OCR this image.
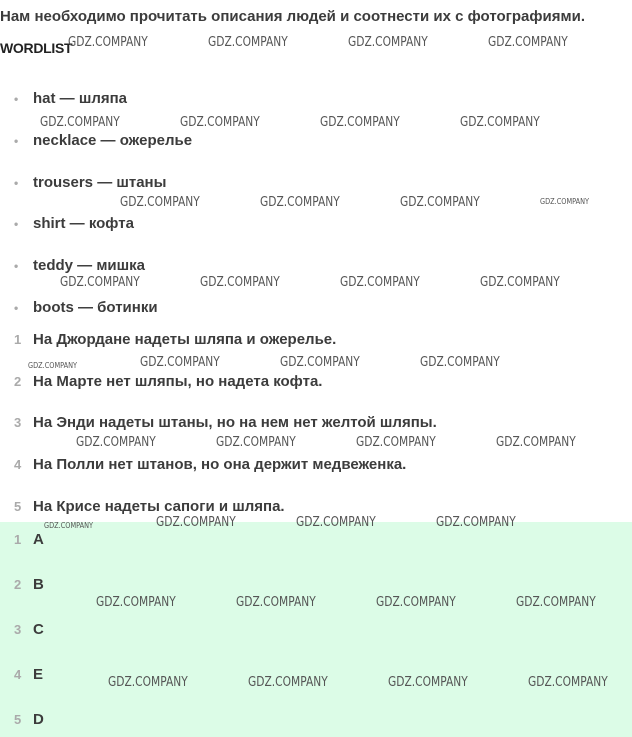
Нам необходимо прочитать описания людей и соотнести их с фотографиями.
WORDLIST
• hat — шляпа
• necklace — ожерелье
• trousers — штаны
• shirt — кофта
• teddy — мишка
• boots — ботинки
1 На Джордане надеты шляпа и ожерелье.
2 На Марте нет шляпы, но надета кофта.
3 На Энди надеты штаны, но на нем нет желтой шляпы.
4 На Полли нет штанов, но она держит медвеженка.
5 На Крисе надеты сапоги и шляпа.
1 A
2 B
3 C
4 E
5 D
GDZ.COMPANY	GDZ.COMPANY	GDZ.COMPANY	GDZ.COMPANY
GDZ.COMPANY	GDZ.COMPANY	GDZ.COMPANY	GDZ.COMPANY
GDZ.COMPANY	GDZ.COMPANY	GDZ.COMPANY	GDZ.COMPANY
GDZ.COMPANY	GDZ.COMPANY	GDZ.COMPANY	GDZ.COMPANY
GDZ.COMPANY	GDZ.COMPANY	GDZ.COMPANY	GDZ.COMPANY
GDZ.COMPANY	GDZ.COMPANY	GDZ.COMPANY	GDZ.COMPANY
GDZ.COMPANY	GDZ.COMPANY	GDZ.COMPANY	GDZ.COMPANY
GDZ.COMPANY	GDZ.COMPANY	GDZ.COMPANY	GDZ.COMPANY
GDZ.COMPANY	GDZ.COMPANY	GDZ.COMPANY	GDZ.COMPANY
